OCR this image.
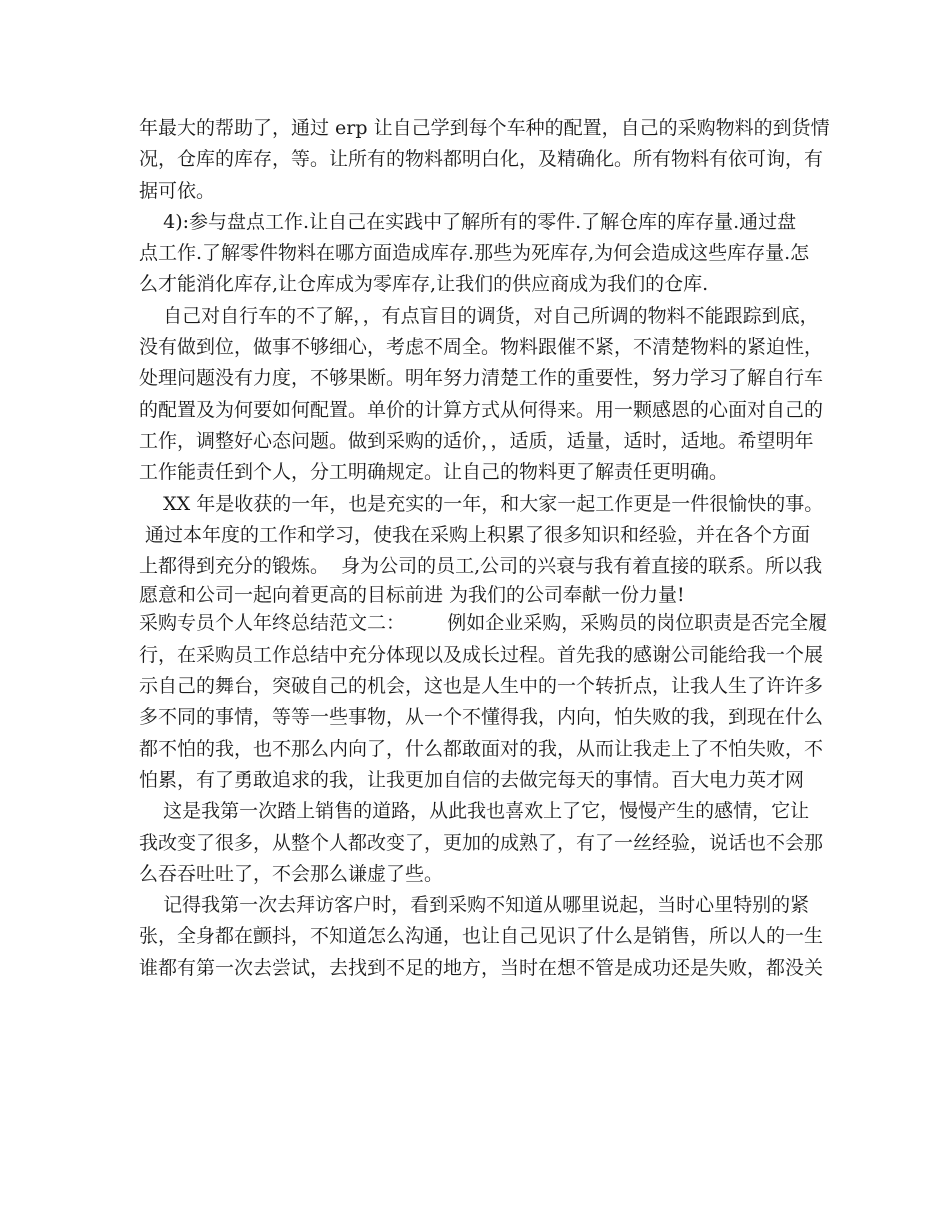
年最大的帮助了，通过 erp 让自己学到每个车种的配置，自己的采购物料的到货情
况，仓库的库存，等。让所有的物料都明白化，及精确化。所有物料有依可询，有
据可依。
4):参与盘点工作.让自己在实践中了解所有的零件.了解仓库的库存量.通过盘
点工作.了解零件物料在哪方面造成库存.那些为死库存,为何会造成这些库存量.怎
么才能消化库存,让仓库成为零库存,让我们的供应商成为我们的仓库.
自己对自行车的不了解，，有点盲目的调货，对自己所调的物料不能跟踪到底，
没有做到位，做事不够细心，考虑不周全。物料跟催不紧，不清楚物料的紧迫性，
处理问题没有力度，不够果断。明年努力清楚工作的重要性，努力学习了解自行车
的配置及为何要如何配置。单价的计算方式从何得来。用一颗感恩的心面对自己的
工作，调整好心态问题。做到采购的适价，，适质，适量，适时，适地。希望明年
工作能责任到个人，分工明确规定。让自己的物料更了解责任更明确。
XX 年是收获的一年，也是充实的一年，和大家一起工作更是一件很愉快的事。
通过本年度的工作和学习，使我在采购上积累了很多知识和经验，并在各个方面
上都得到充分的锻炼。  身为公司的员工,公司的兴衰与我有着直接的联系。所以我
愿意和公司一起向着更高的目标前进 为我们的公司奉献一份力量!
采购专员个人年终总结范文二：       例如企业采购，采购员的岗位职责是否完全履
行，在采购员工作总结中充分体现以及成长过程。首先我的感谢公司能给我一个展
示自己的舞台，突破自己的机会，这也是人生中的一个转折点，让我人生了许许多
多不同的事情，等等一些事物，从一个不懂得我，内向，怕失败的我，到现在什么
都不怕的我，也不那么内向了，什么都敢面对的我，从而让我走上了不怕失败，不
怕累，有了勇敢追求的我，让我更加自信的去做完每天的事情。百大电力英才网
这是我第一次踏上销售的道路，从此我也喜欢上了它，慢慢产生的感情，它让
我改变了很多，从整个人都改变了，更加的成熟了，有了一丝经验，说话也不会那
么吞吞吐吐了，不会那么谦虚了些。
记得我第一次去拜访客户时，看到采购不知道从哪里说起，当时心里特别的紧
张，全身都在颤抖，不知道怎么沟通，也让自己见识了什么是销售，所以人的一生
谁都有第一次去尝试，去找到不足的地方，当时在想不管是成功还是失败，都没关
